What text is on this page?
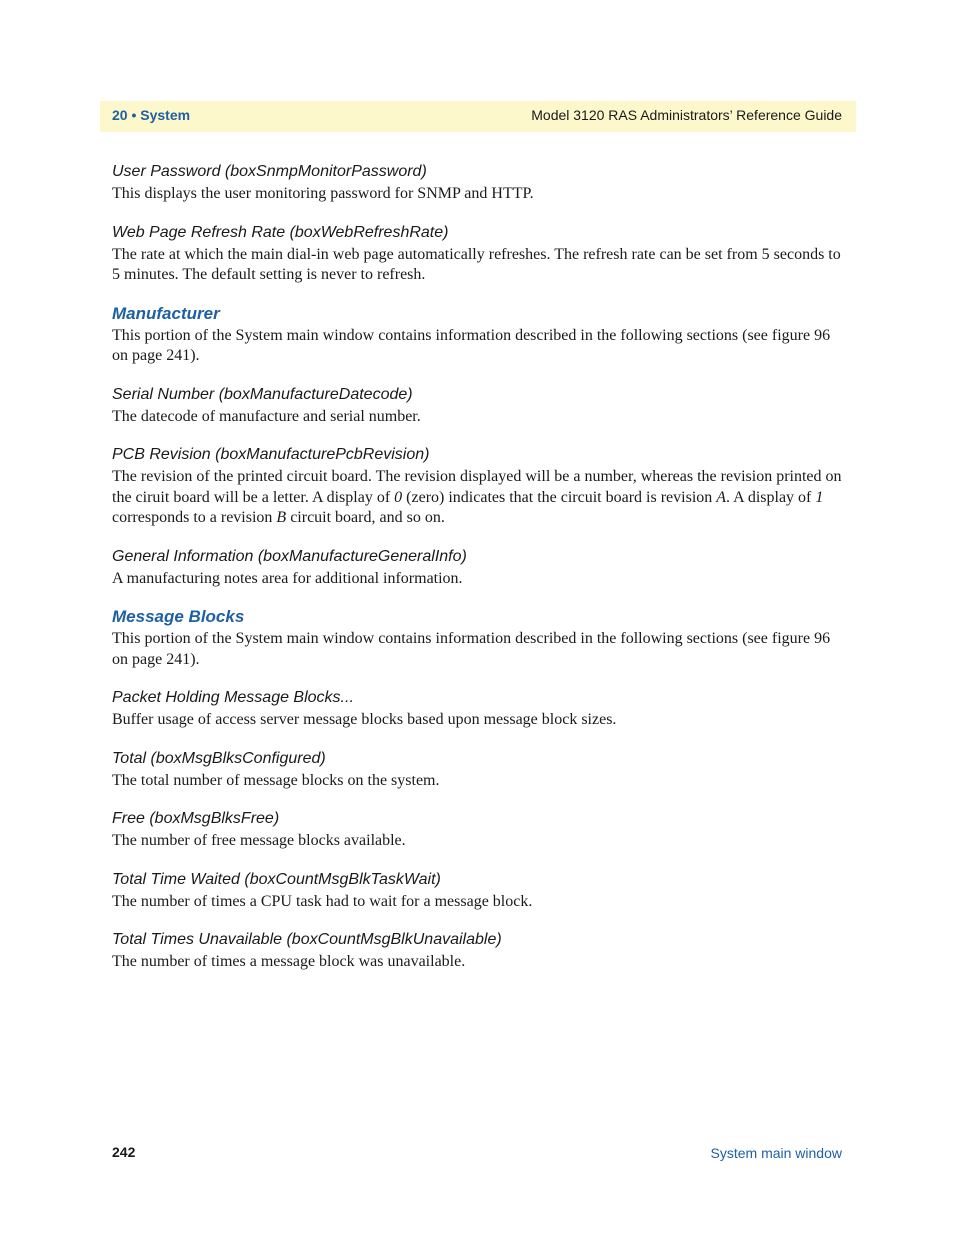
20 • System	Model 3120 RAS Administrators’ Reference Guide

User Password (boxSnmpMonitorPassword)

This displays the user monitoring password for SNMP and HTTP.

Web Page Refresh Rate (boxWebRefreshRate)

The rate at which the main dial-in web page automatically refreshes. The refresh rate can be set from 5 seconds to 5 minutes. The default setting is never to refresh.

Manufacturer

This portion of the System main window contains information described in the following sections (see figure 96 on page 241).

Serial Number (boxManufactureDatecode)

The datecode of manufacture and serial number.

PCB Revision (boxManufacturePcbRevision)

The revision of the printed circuit board. The revision displayed will be a number, whereas the revision printed on the ciruit board will be a letter. A display of 0 (zero) indicates that the circuit board is revision A. A display of 1 corresponds to a revision B circuit board, and so on.

General Information (boxManufactureGeneralInfo)

A manufacturing notes area for additional information.

Message Blocks

This portion of the System main window contains information described in the following sections (see figure 96 on page 241).

Packet Holding Message Blocks...

Buffer usage of access server message blocks based upon message block sizes.

Total (boxMsgBlksConfigured)

The total number of message blocks on the system.

Free (boxMsgBlksFree)

The number of free message blocks available.

Total Time Waited (boxCountMsgBlkTaskWait)

The number of times a CPU task had to wait for a message block.

Total Times Unavailable (boxCountMsgBlkUnavailable)

The number of times a message block was unavailable.

242	System main window
